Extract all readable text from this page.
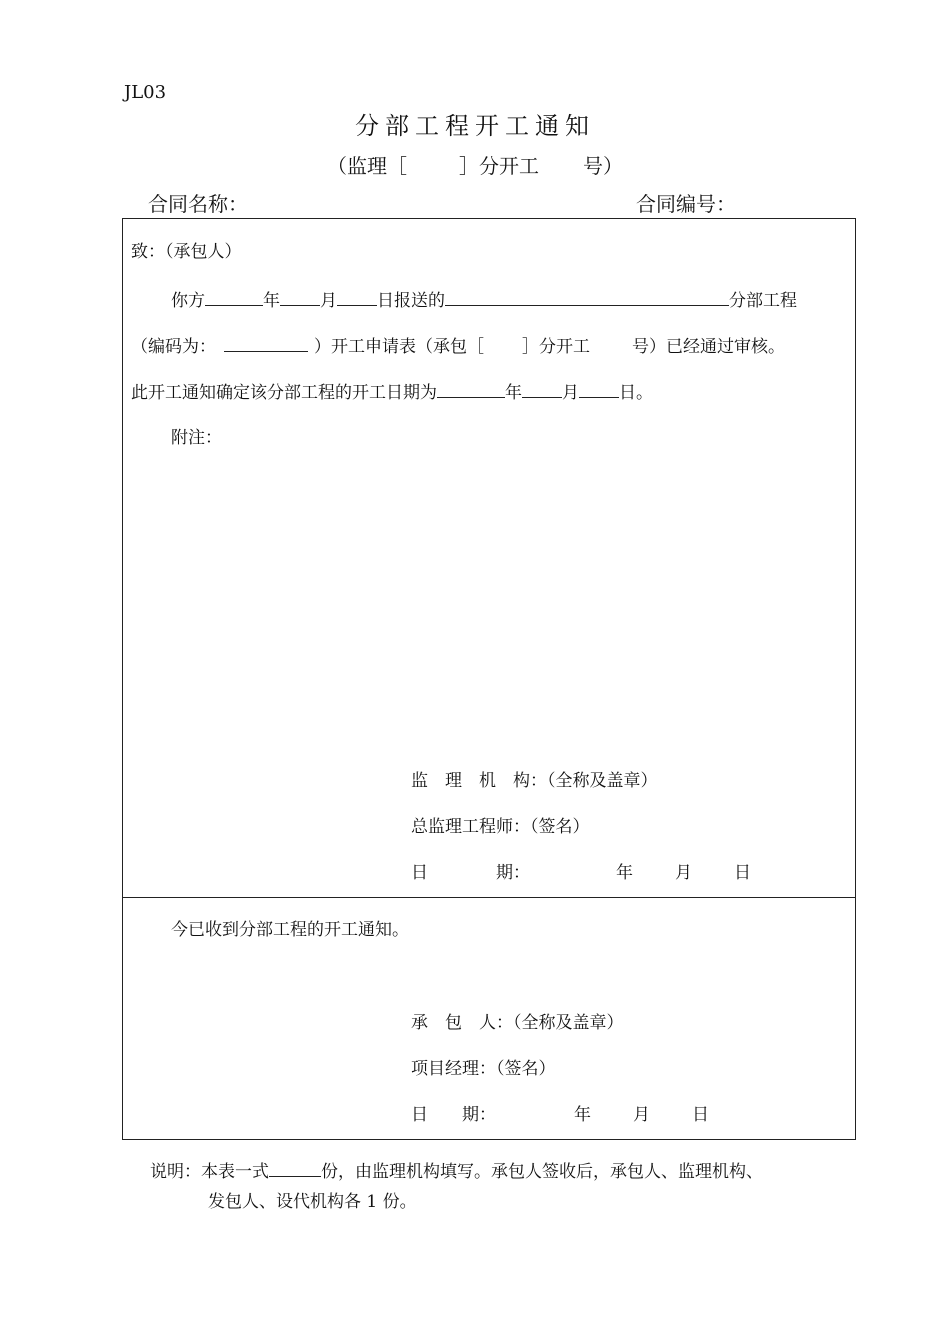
JL03
分部工程开工通知
（监理［	］分开工 号）
合同名称：	合同编号：
致：（承包人）
你方	年 月 日报送的	分部工程
（编码为：	）开工申请表（承包［ ］分开工 号）已经通过审核。
此开工通知确定该分部工程的开工日期为	年 月 日。
附注：
监　理　机　构：（全称及盖章）
总监理工程师：（签名）
日　　　　期：	年 月 日
今已收到分部工程的开工通知。
承　包　人：（全称及盖章）
项目经理：（签名）
日　　期：	年 月 日
说明：本表一式	份，由监理机构填写。承包人签收后，承包人、监理机构、
发包人、设代机构各 1 份。
